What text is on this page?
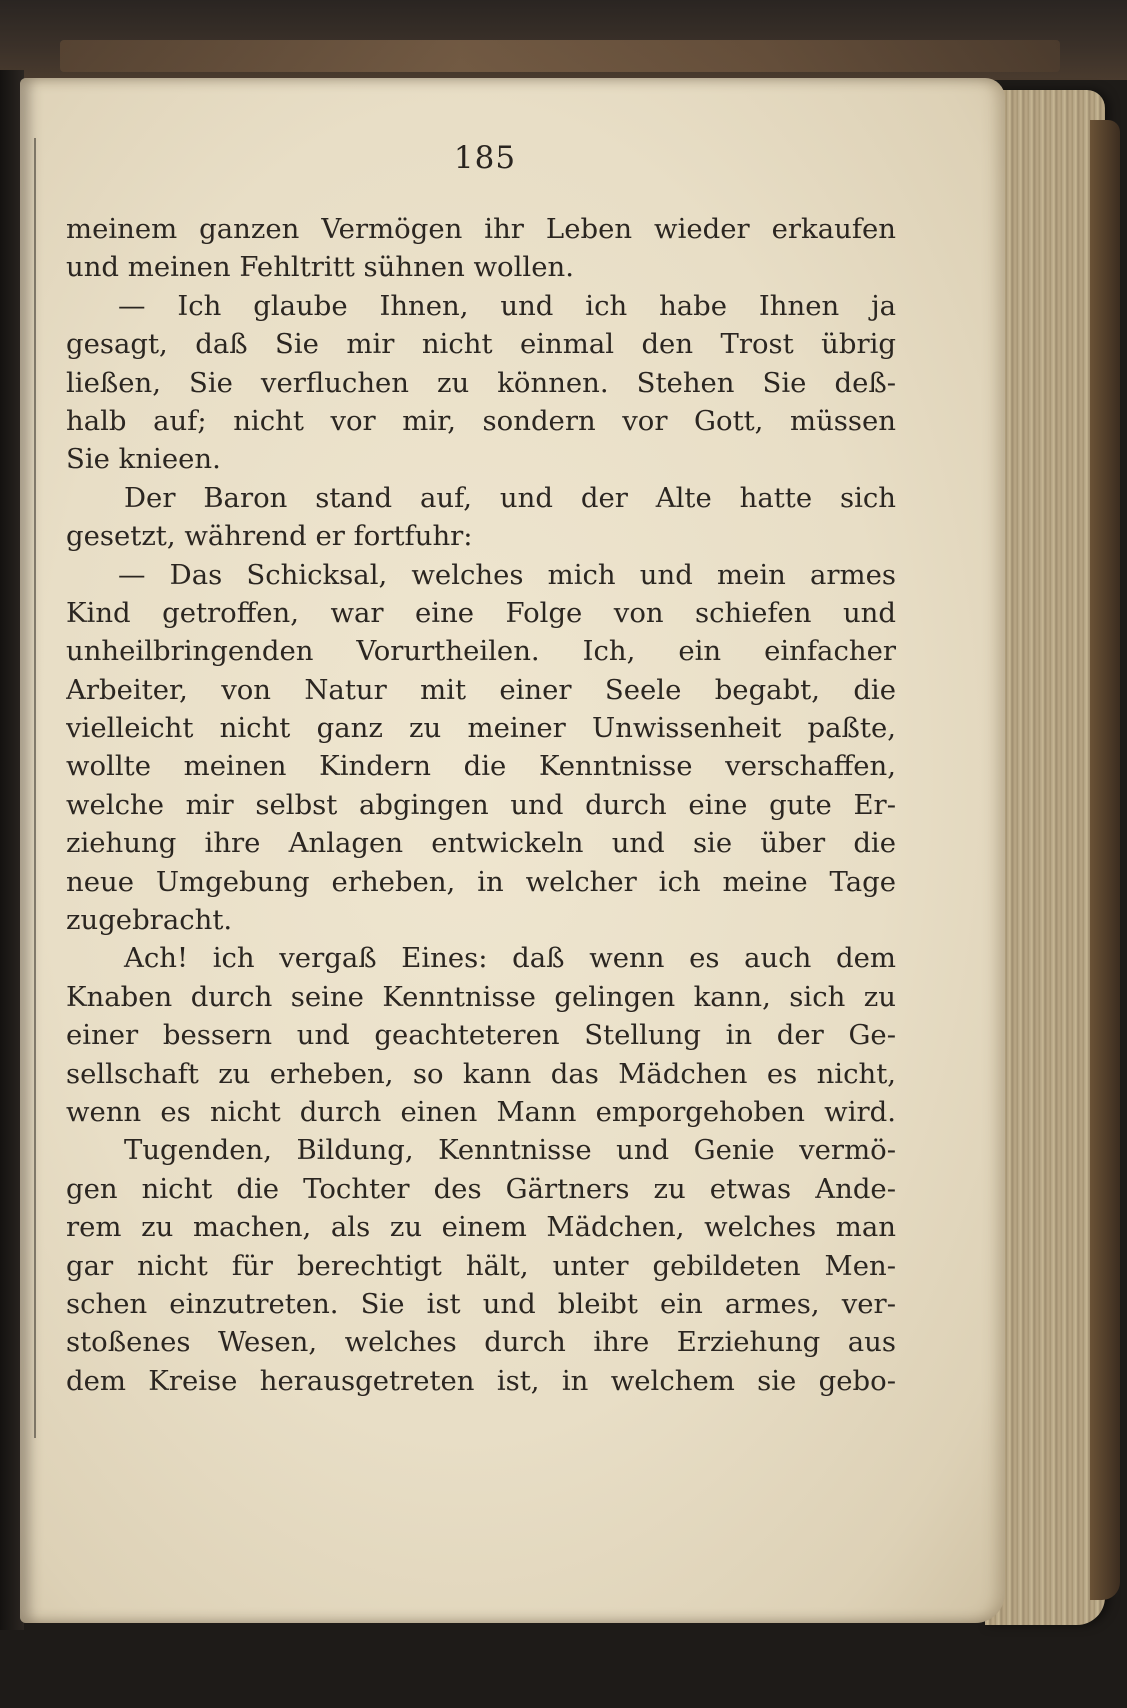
185
meinem ganzen Vermögen ihr Leben wieder erkaufen
und meinen Fehltritt sühnen wollen.
— Ich glaube Ihnen, und ich habe Ihnen ja
gesagt, daß Sie mir nicht einmal den Trost übrig
ließen, Sie verfluchen zu können. Stehen Sie deß-
halb auf; nicht vor mir, sondern vor Gott, müssen
Sie knieen.
Der Baron stand auf, und der Alte hatte sich
gesetzt, während er fortfuhr:
— Das Schicksal, welches mich und mein armes
Kind getroffen, war eine Folge von schiefen und
unheilbringenden Vorurtheilen. Ich, ein einfacher
Arbeiter, von Natur mit einer Seele begabt, die
vielleicht nicht ganz zu meiner Unwissenheit paßte,
wollte meinen Kindern die Kenntnisse verschaffen,
welche mir selbst abgingen und durch eine gute Er-
ziehung ihre Anlagen entwickeln und sie über die
neue Umgebung erheben, in welcher ich meine Tage
zugebracht.
Ach! ich vergaß Eines: daß wenn es auch dem
Knaben durch seine Kenntnisse gelingen kann, sich zu
einer bessern und geachteteren Stellung in der Ge-
sellschaft zu erheben, so kann das Mädchen es nicht,
wenn es nicht durch einen Mann emporgehoben wird.
Tugenden, Bildung, Kenntnisse und Genie vermö-
gen nicht die Tochter des Gärtners zu etwas Ande-
rem zu machen, als zu einem Mädchen, welches man
gar nicht für berechtigt hält, unter gebildeten Men-
schen einzutreten. Sie ist und bleibt ein armes, ver-
stoßenes Wesen, welches durch ihre Erziehung aus
dem Kreise herausgetreten ist, in welchem sie gebo-
